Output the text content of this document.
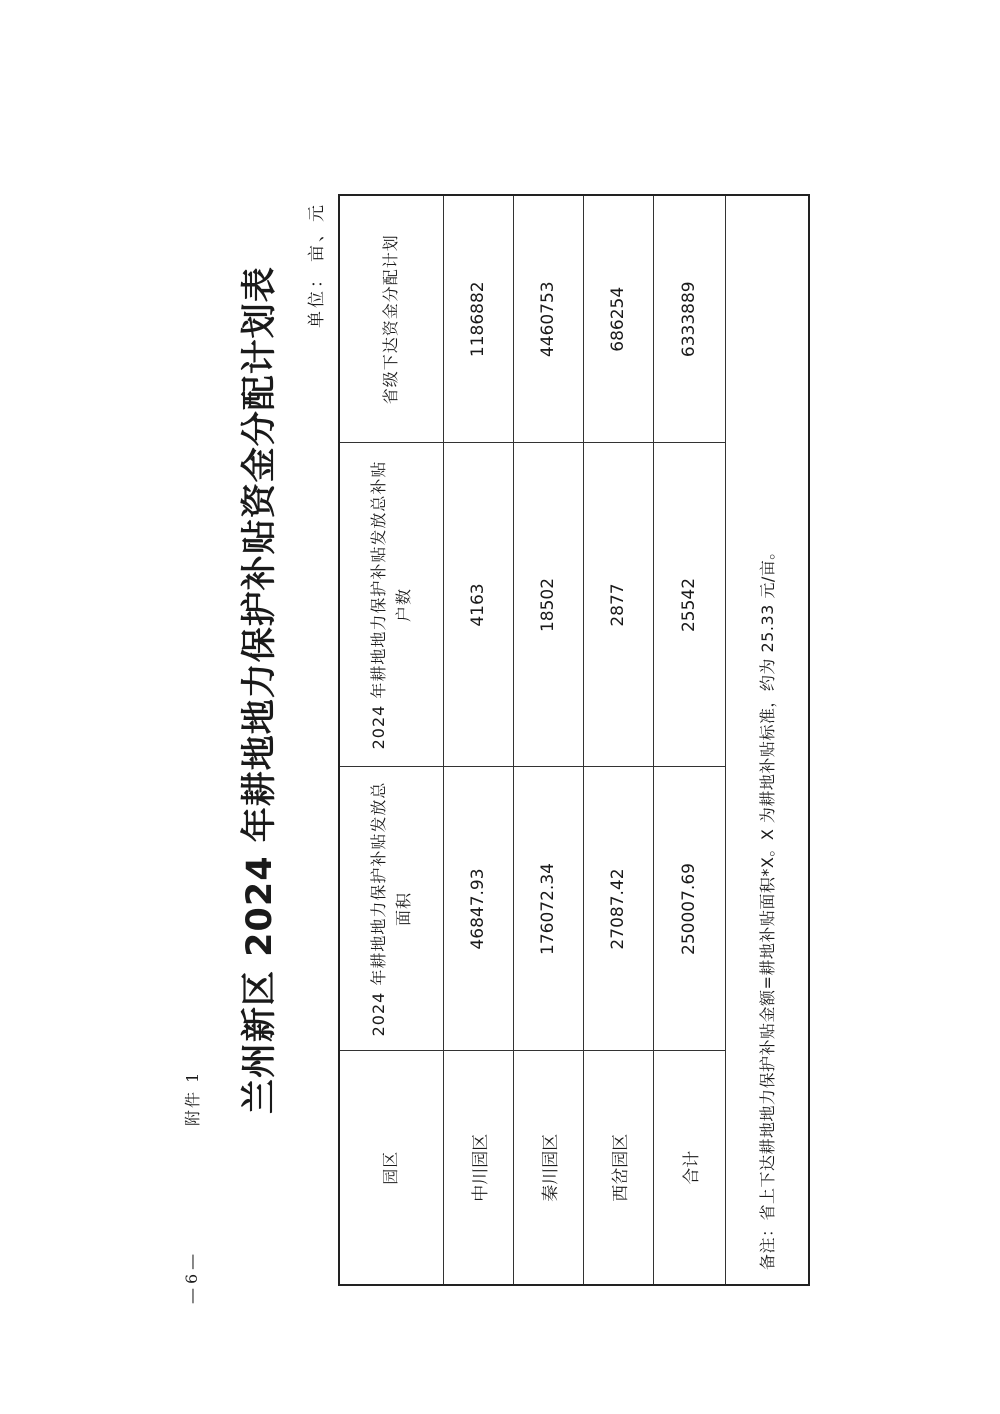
附件 1 兰州新区 2024 年耕地地力保护补贴资金分配计划表 单位：亩、元
园区	2024 年耕地地力保护补贴发放总面积	2024 年耕地地力保护补贴发放总补贴户数	省级下达资金分配计划
中川园区	46847.93	4163	1186882
秦川园区	176072.34	18502	4460753
西岔园区	27087.42	2877	686254
合计	250007.69	25542	6333889
备注：省上下达耕地地力保护补贴金额=耕地补贴面积*X。X 为耕地补贴标准，约为 25.33 元/亩。			
—6—
